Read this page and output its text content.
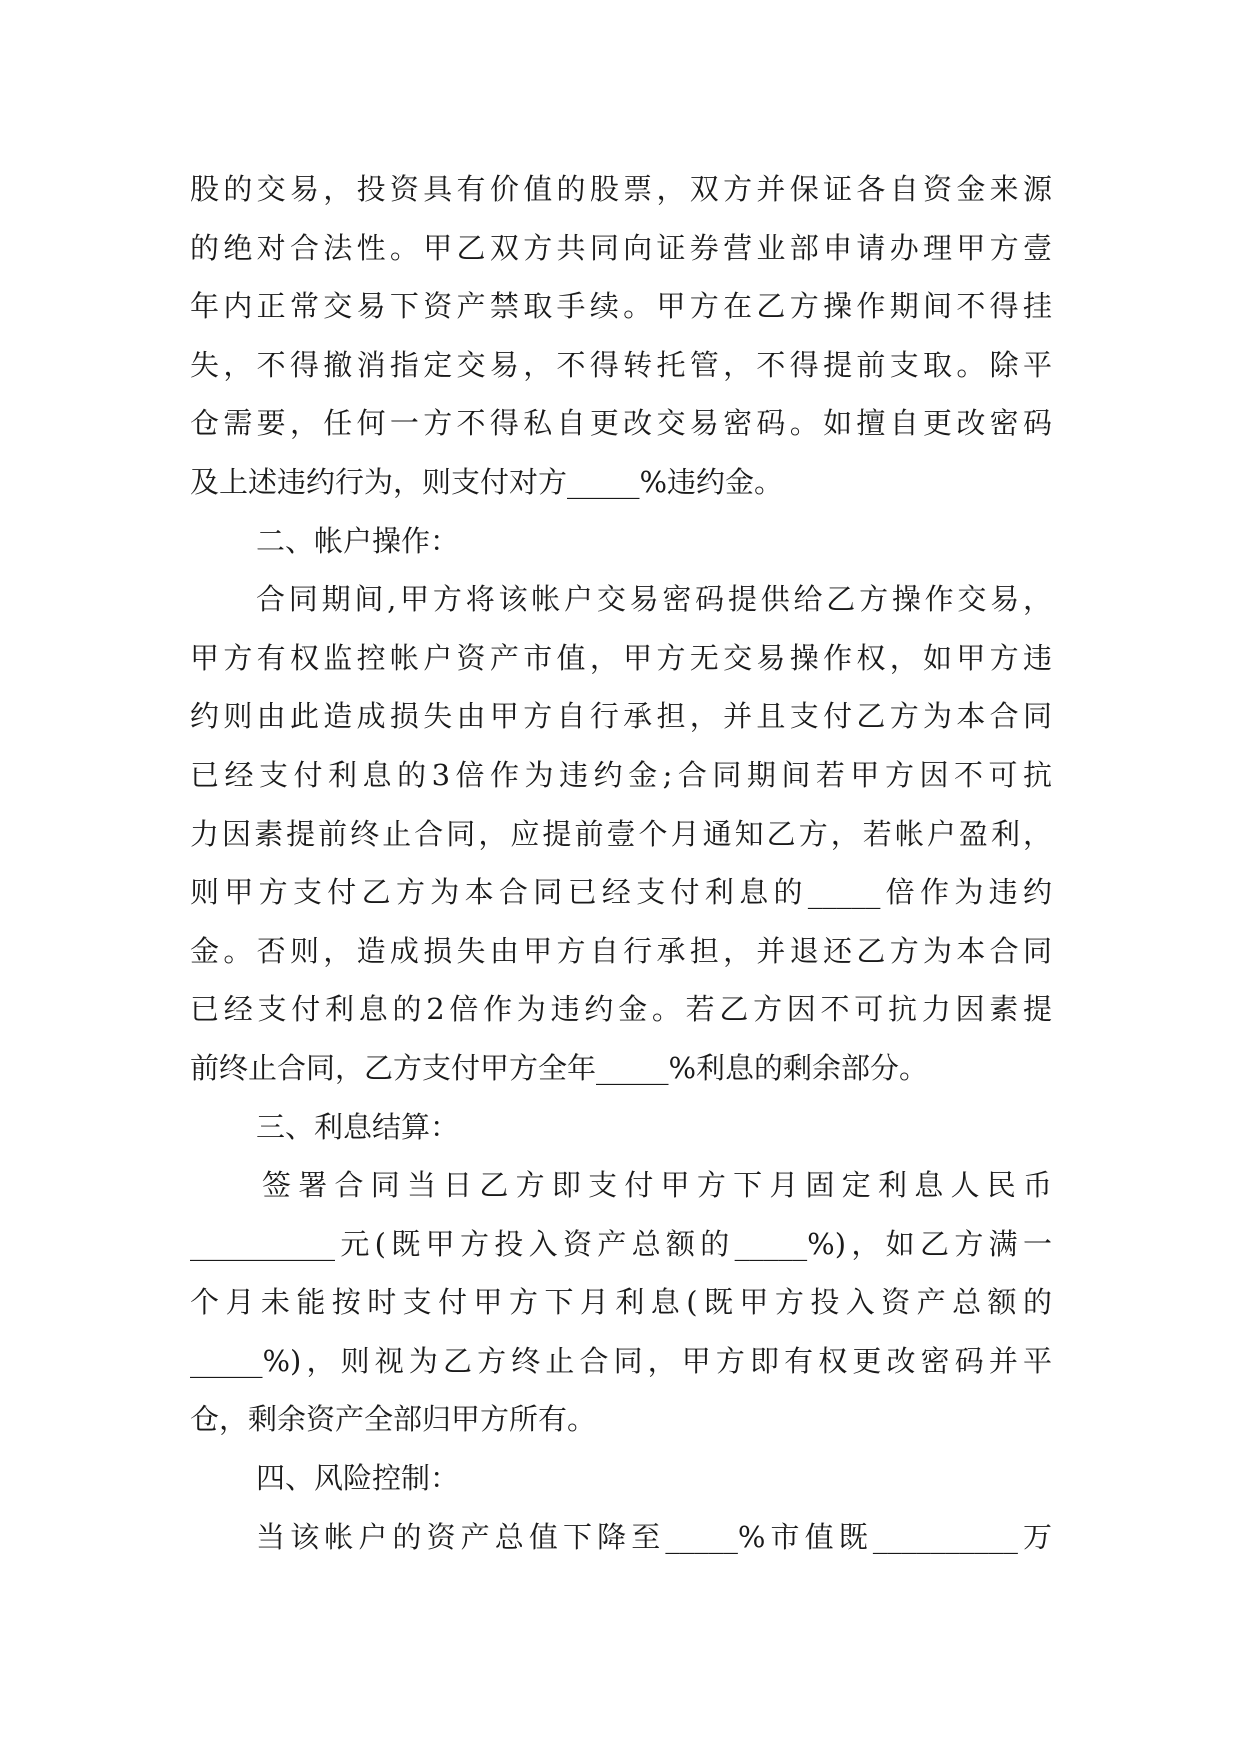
股的交易，投资具有价值的股票，双方并保证各自资金来源
的绝对合法性。甲乙双方共同向证券营业部申请办理甲方壹
年内正常交易下资产禁取手续。甲方在乙方操作期间不得挂
失，不得撤消指定交易，不得转托管，不得提前支取。除平
仓需要，任何一方不得私自更改交易密码。如擅自更改密码
及上述违约行为，则支付对方_____%违约金。
二、帐户操作：
合同期间,甲方将该帐户交易密码提供给乙方操作交易，
甲方有权监控帐户资产市值，甲方无交易操作权，如甲方违
约则由此造成损失由甲方自行承担，并且支付乙方为本合同
已经支付利息的3倍作为违约金;合同期间若甲方因不可抗
力因素提前终止合同，应提前壹个月通知乙方，若帐户盈利，
则甲方支付乙方为本合同已经支付利息的_____倍作为违约
金。否则，造成损失由甲方自行承担，并退还乙方为本合同
已经支付利息的2倍作为违约金。若乙方因不可抗力因素提
前终止合同，乙方支付甲方全年_____%利息的剩余部分。
三、利息结算：
签署合同当日乙方即支付甲方下月固定利息人民币
__________元(既甲方投入资产总额的_____%)，如乙方满一
个月未能按时支付甲方下月利息(既甲方投入资产总额的
_____%)，则视为乙方终止合同，甲方即有权更改密码并平
仓，剩余资产全部归甲方所有。
四、风险控制：
当该帐户的资产总值下降至_____%市值既__________万
